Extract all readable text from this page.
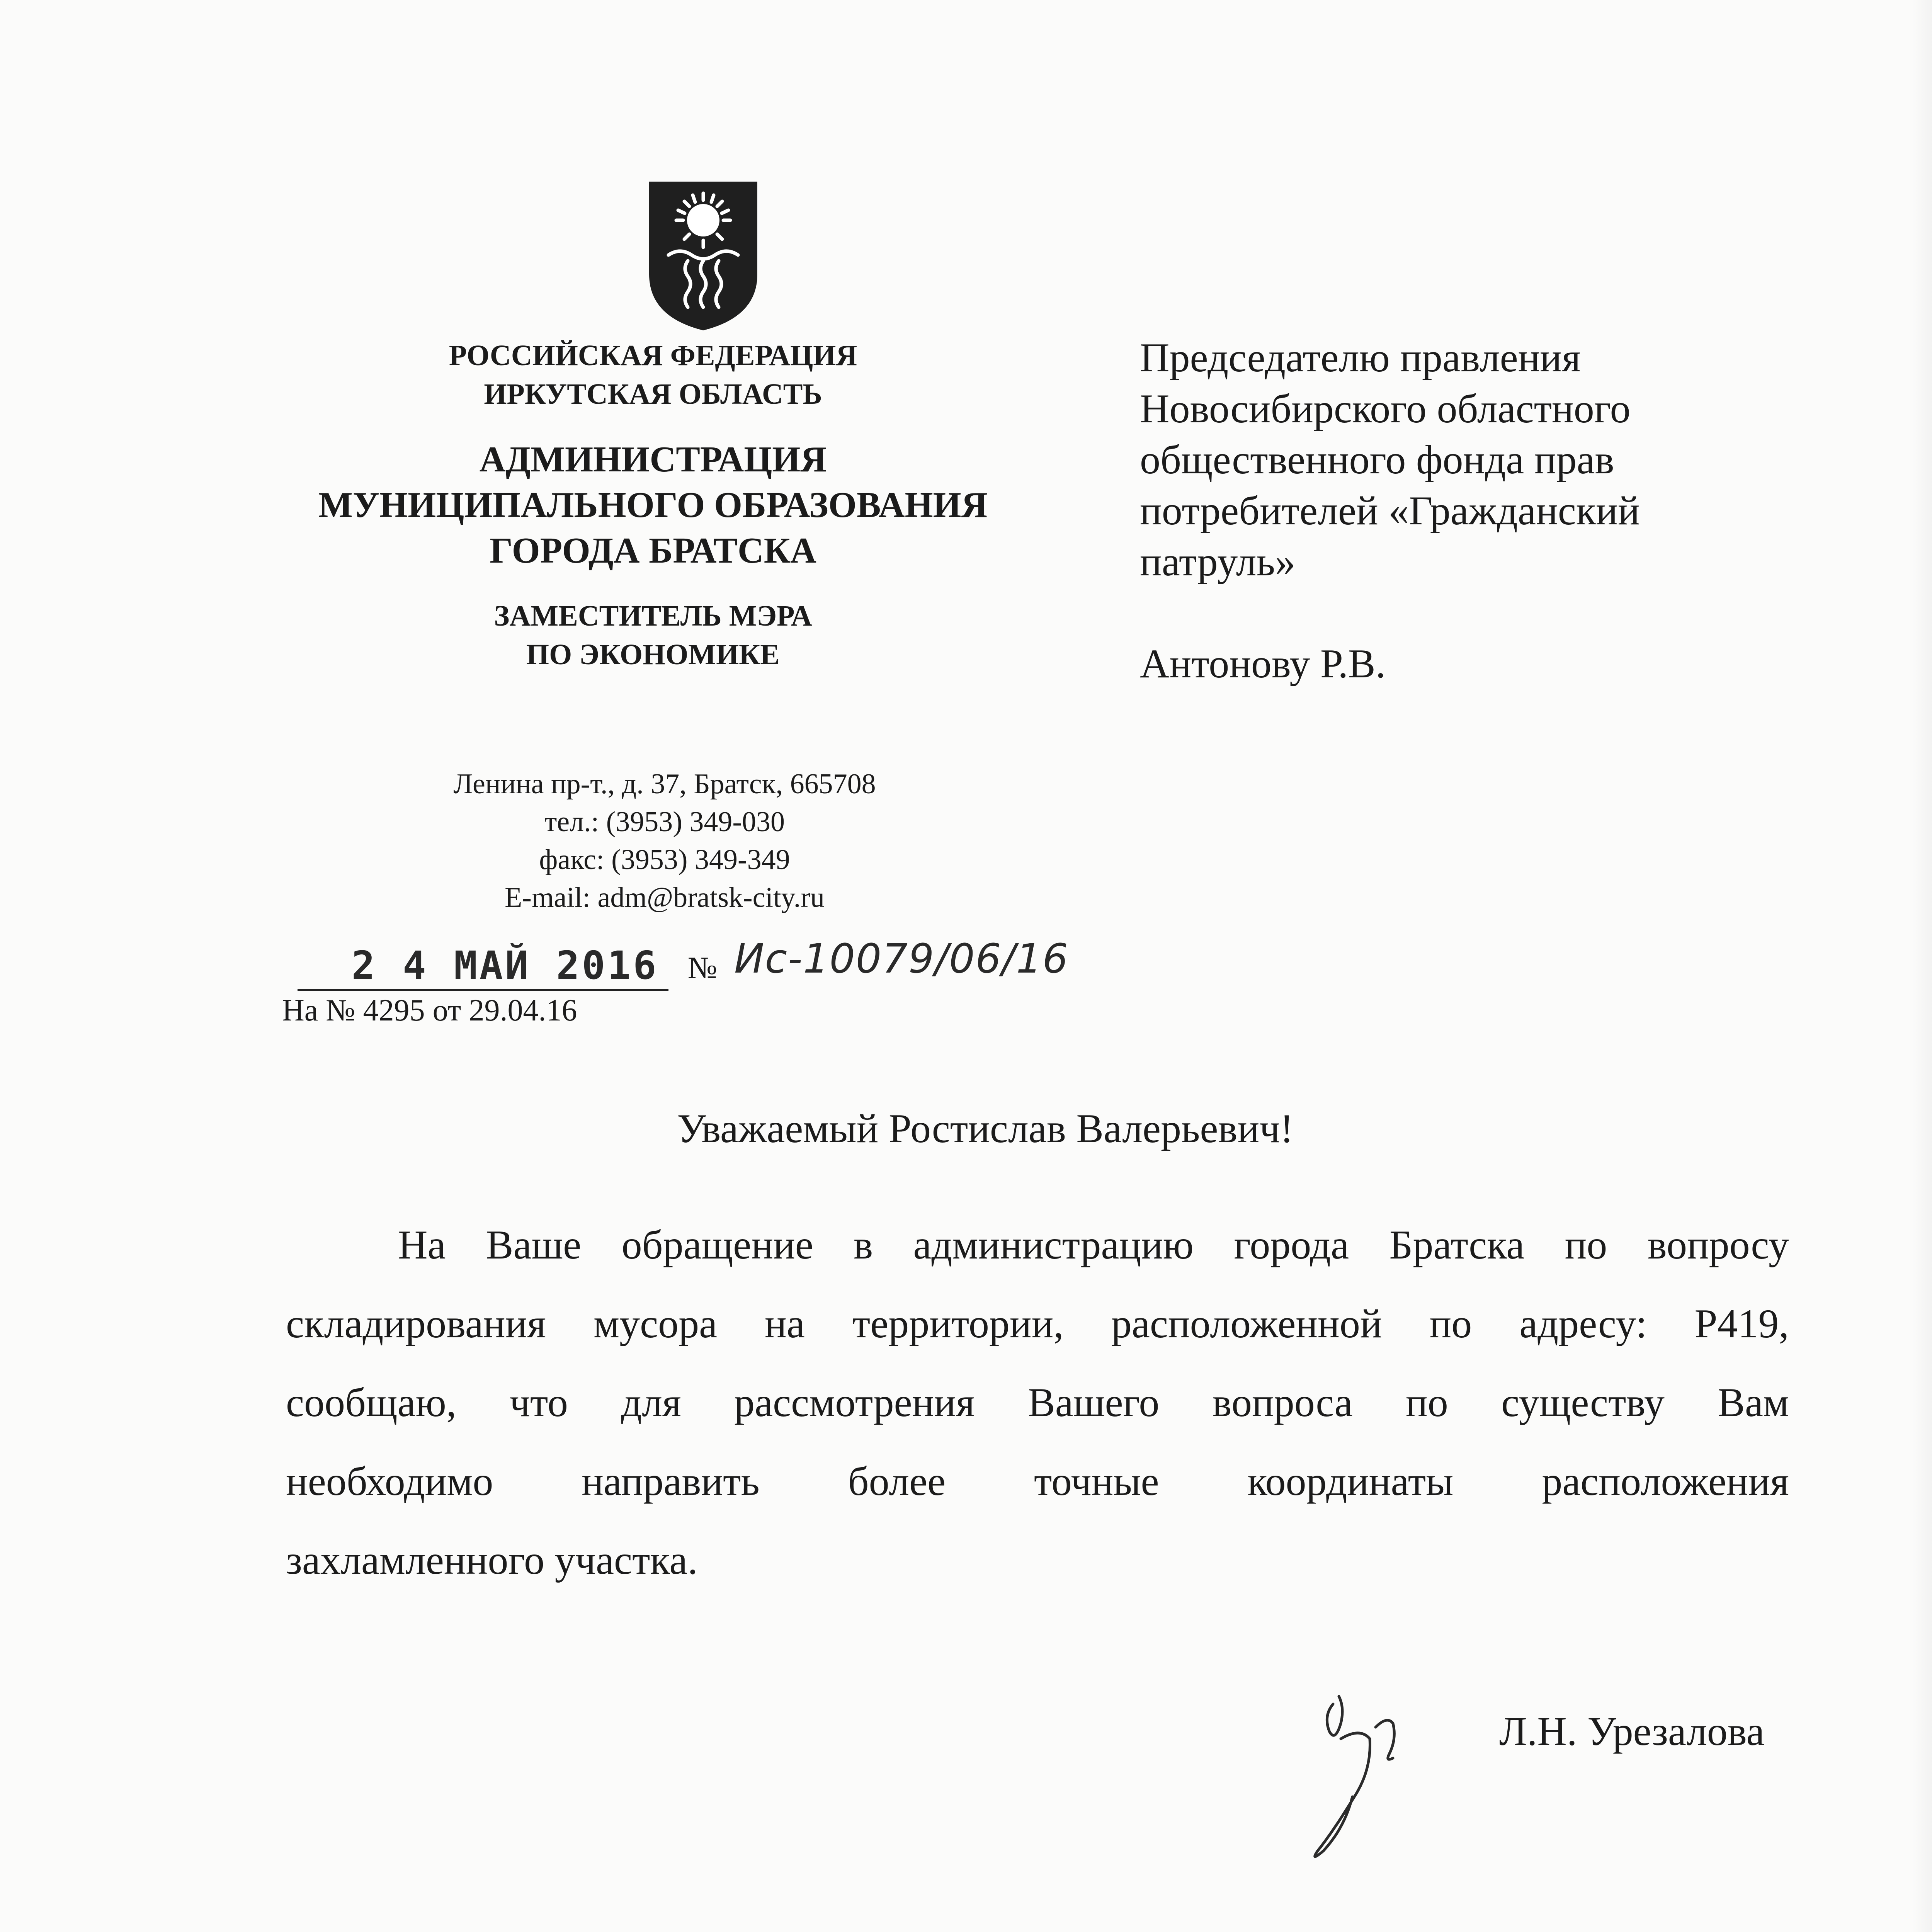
РОССИЙСКАЯ ФЕДЕРАЦИЯ
ИРКУТСКАЯ ОБЛАСТЬ
АДМИНИСТРАЦИЯ
МУНИЦИПАЛЬНОГО ОБРАЗОВАНИЯ
ГОРОДА БРАТСКА
ЗАМЕСТИТЕЛЬ МЭРА
ПО ЭКОНОМИКЕ
Ленина пр-т., д. 37, Братск, 665708
тел.: (3953) 349-030
факс: (3953) 349-349
E-mail: adm@bratsk-city.ru
2 4 МАЙ 2016 № Ис-10079/06/16
На № 4295 от 29.04.16
Председателю правления
Новосибирского областного
общественного фонда прав
потребителей «Гражданский
патруль»
Антонову Р.В.
Уважаемый Ростислав Валерьевич!
На Ваше обращение в администрацию города Братска по вопросу
складирования мусора на территории, расположенной по адресу: Р419,
сообщаю, что для рассмотрения Вашего вопроса по существу Вам
необходимо направить более точные координаты расположения
захламленного участка.
Л.Н. Урезалова
